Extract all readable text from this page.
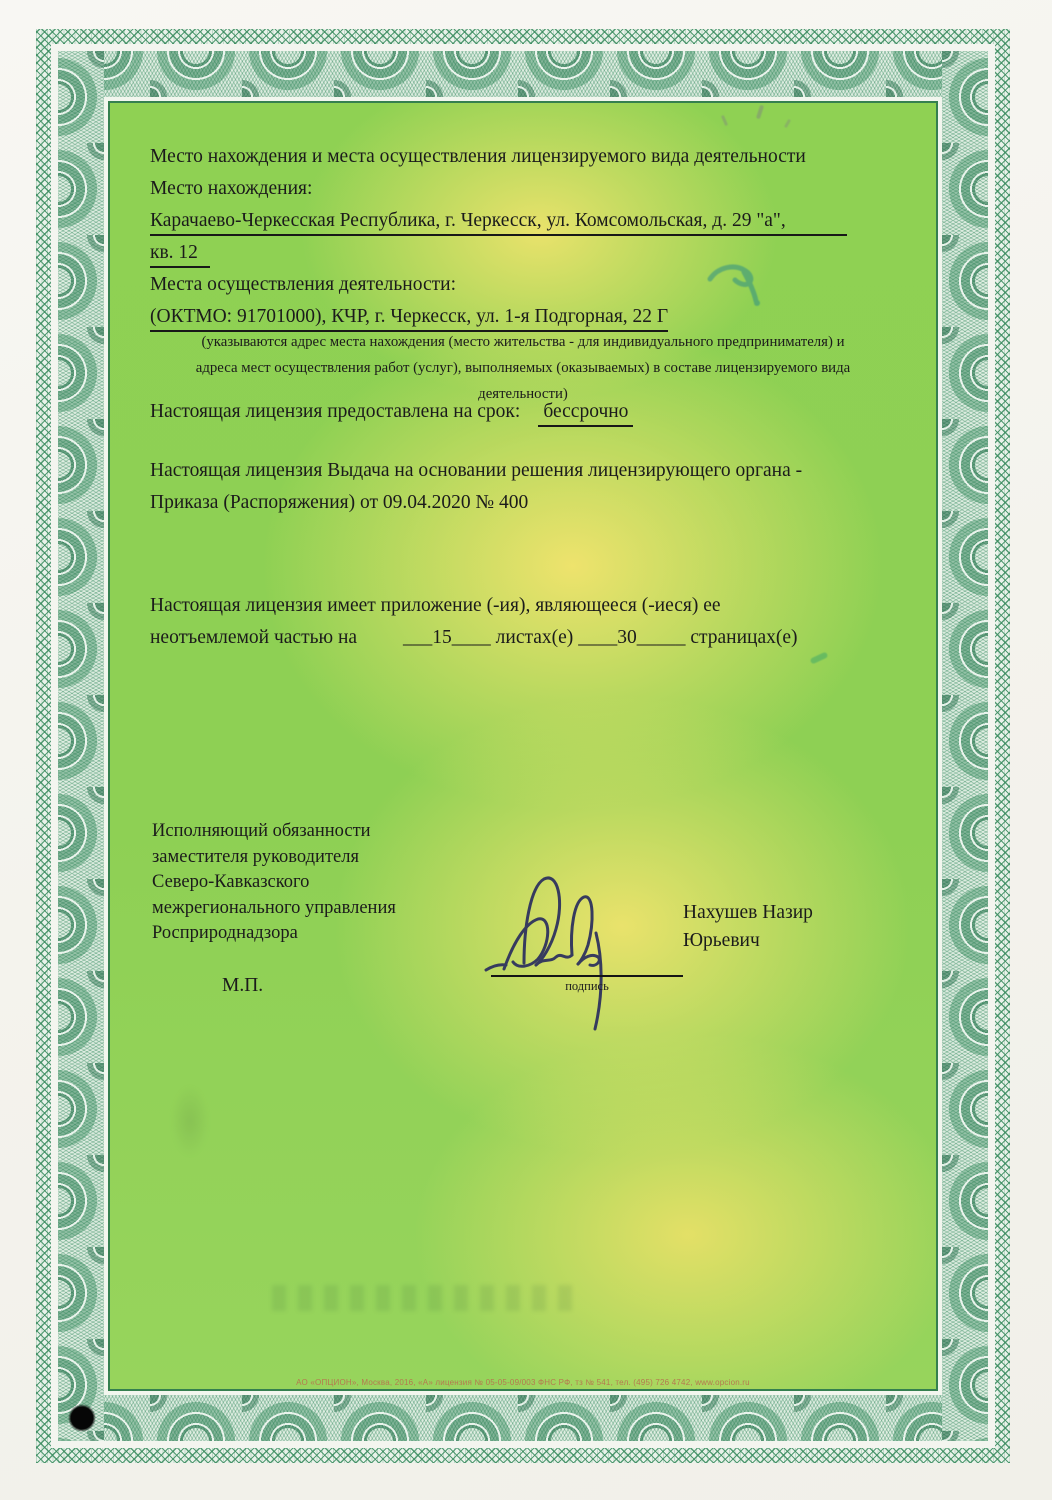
Место нахождения и места осуществления лицензируемого вида деятельности
Место нахождения:
Карачаево-Черкесская Республика, г. Черкесск, ул. Комсомольская, д. 29 "а",
кв. 12
Места осуществления деятельности:
(ОКТМО: 91701000), КЧР, г. Черкесск, ул. 1-я Подгорная, 22 Г
(указываются адрес места нахождения (место жительства - для индивидуального предпринимателя) и
адреса мест осуществления работ (услуг), выполняемых (оказываемых) в составе лицензируемого вида
деятельности)
Настоящая лицензия предоставлена на срок: бессрочно
Настоящая лицензия Выдача на основании решения лицензирующего органа -
Приказа (Распоряжения) от 09.04.2020 № 400
Настоящая лицензия имеет приложение (-ия), являющееся (-иеся) ее
неотъемлемой частью на ___15____ листах(е) ____30_____ страницах(е)
Исполняющий обязанности
заместителя руководителя
Северо-Кавказского
межрегионального управления
Росприроднадзора
подпись
Нахушев Назир
Юрьевич
М.П.
АО «ОПЦИОН», Москва, 2016, «А» лицензия № 05-05-09/003 ФНС РФ, тз № 541, тел. (495) 726 4742, www.opcion.ru
